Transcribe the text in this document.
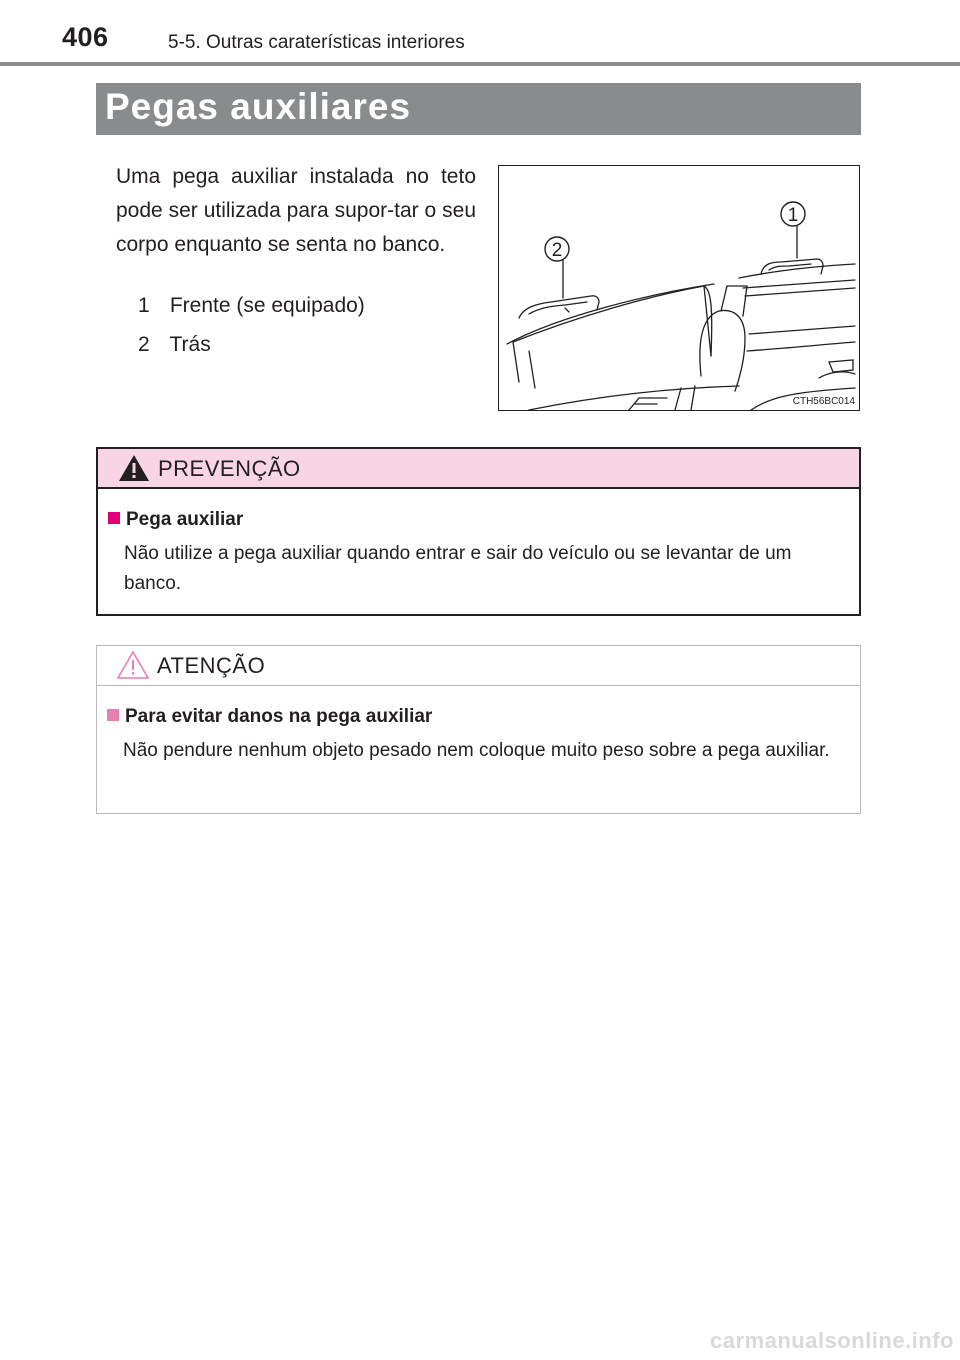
406	5-5. Outras caraterísticas interiores
Pegas auxiliares
Uma pega auxiliar instalada no teto pode ser utilizada para supor-tar o seu corpo enquanto se senta no banco.
1 Frente (se equipado)
2 Trás
1
2
CTH56BC014
PREVENÇÃO
Pega auxiliar
Não utilize a pega auxiliar quando entrar e sair do veículo ou se levantar de um banco.
ATENÇÃO
Para evitar danos na pega auxiliar
Não pendure nenhum objeto pesado nem coloque muito peso sobre a pega auxiliar.
carmanualsonline.info
